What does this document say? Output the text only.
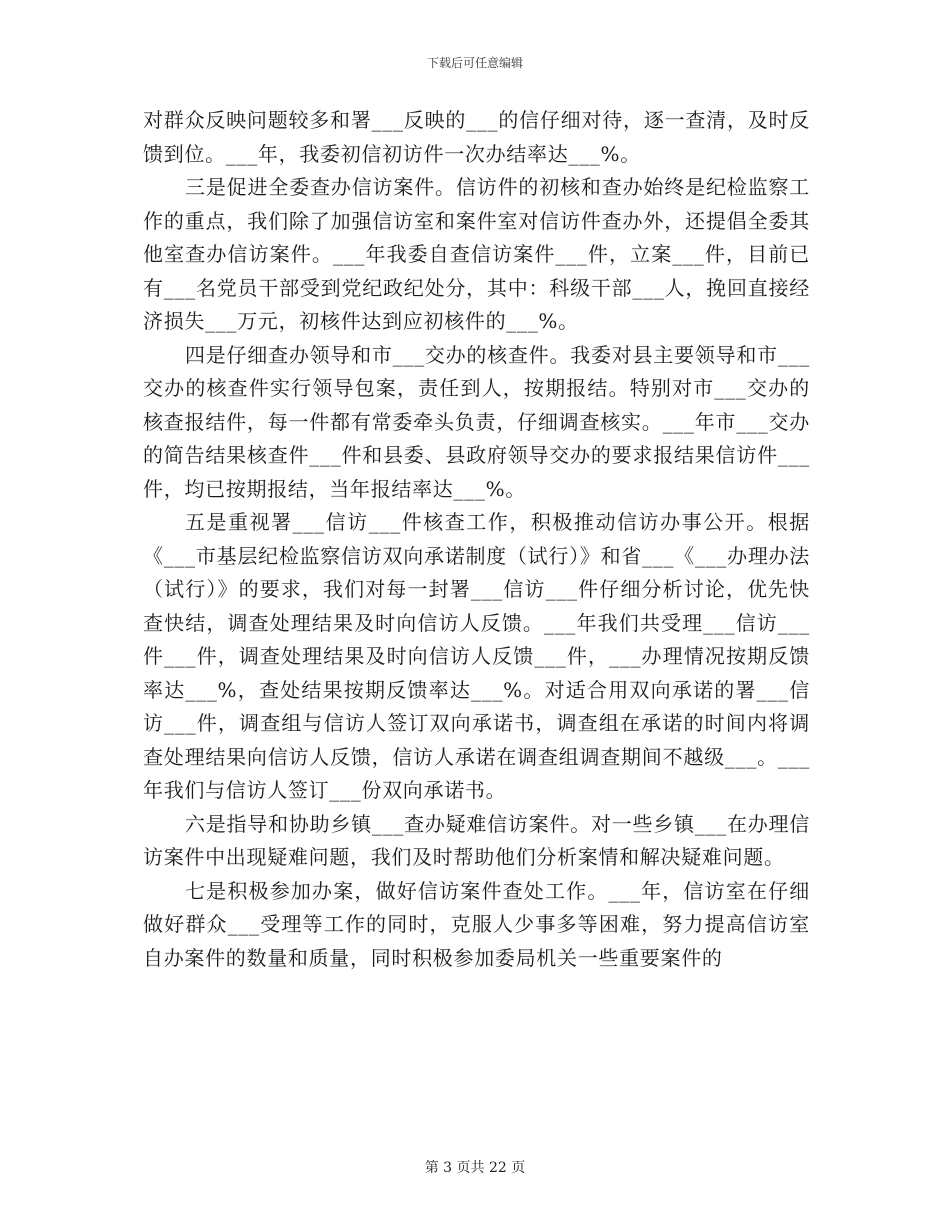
下载后可任意编辑

对群众反映问题较多和署___反映的___的信仔细对待，逐一查清，及时反馈到位。___年，我委初信初访件一次办结率达___%。

三是促进全委查办信访案件。信访件的初核和查办始终是纪检监察工作的重点，我们除了加强信访室和案件室对信访件查办外，还提倡全委其他室查办信访案件。___年我委自查信访案件___件，立案___件，目前已有___名党员干部受到党纪政纪处分，其中：科级干部___人，挽回直接经济损失___万元，初核件达到应初核件的___%。

四是仔细查办领导和市___交办的核查件。我委对县主要领导和市___交办的核查件实行领导包案，责任到人，按期报结。特别对市___交办的核查报结件，每一件都有常委牵头负责，仔细调查核实。___年市___交办的简告结果核查件___件和县委、县政府领导交办的要求报结果信访件___件，均已按期报结，当年报结率达___%。

五是重视署___信访___件核查工作，积极推动信访办事公开。根据《___市基层纪检监察信访双向承诺制度（试行）》和省___《___办理办法（试行）》的要求，我们对每一封署___信访___件仔细分析讨论，优先快查快结，调查处理结果及时向信访人反馈。___年我们共受理___信访___件___件，调查处理结果及时向信访人反馈___件，___办理情况按期反馈率达___%，查处结果按期反馈率达___%。对适合用双向承诺的署___信访___件，调查组与信访人签订双向承诺书，调查组在承诺的时间内将调查处理结果向信访人反馈，信访人承诺在调查组调查期间不越级___。___年我们与信访人签订___份双向承诺书。

六是指导和协助乡镇___查办疑难信访案件。对一些乡镇___在办理信访案件中出现疑难问题，我们及时帮助他们分析案情和解决疑难问题。

七是积极参加办案，做好信访案件查处工作。___年，信访室在仔细做好群众___受理等工作的同时，克服人少事多等困难，努力提高信访室自办案件的数量和质量，同时积极参加委局机关一些重要案件的

第 3 页共 22 页
